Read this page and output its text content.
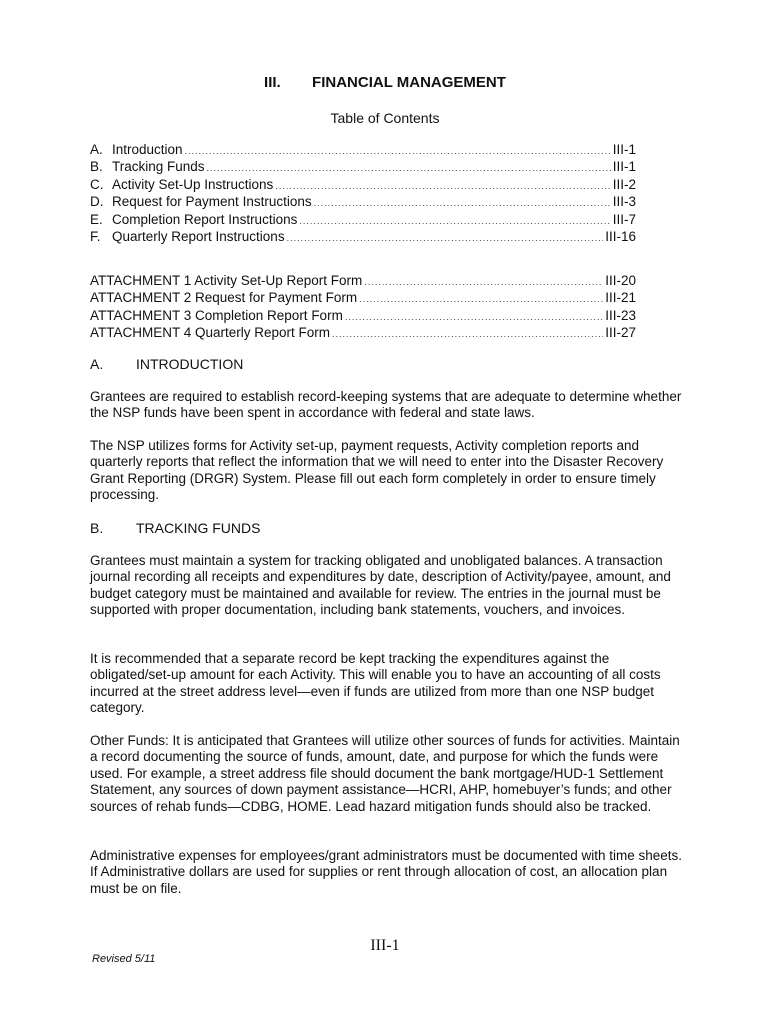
III. FINANCIAL MANAGEMENT
Table of Contents
A. Introduction .....	III-1
B. Tracking Funds .....	III-1
C. Activity Set-Up Instructions .....	III-2
D. Request for Payment Instructions .....	III-3
E. Completion Report Instructions .....	III-7
F. Quarterly Report Instructions .....	III-16
ATTACHMENT 1 Activity Set-Up Report Form .....	III-20
ATTACHMENT 2 Request for Payment Form .....	III-21
ATTACHMENT 3 Completion Report Form .....	III-23
ATTACHMENT 4 Quarterly Report Form .....	III-27
A. INTRODUCTION

Grantees are required to establish record-keeping systems that are adequate to determine whether the NSP funds have been spent in accordance with federal and state laws.

The NSP utilizes forms for Activity set-up, payment requests, Activity completion reports and quarterly reports that reflect the information that we will need to enter into the Disaster Recovery Grant Reporting (DRGR) System. Please fill out each form completely in order to ensure timely processing.

B. TRACKING FUNDS

Grantees must maintain a system for tracking obligated and unobligated balances. A transaction journal recording all receipts and expenditures by date, description of Activity/payee, amount, and budget category must be maintained and available for review. The entries in the journal must be supported with proper documentation, including bank statements, vouchers, and invoices.

It is recommended that a separate record be kept tracking the expenditures against the obligated/set-up amount for each Activity. This will enable you to have an accounting of all costs incurred at the street address level—even if funds are utilized from more than one NSP budget category.

Other Funds: It is anticipated that Grantees will utilize other sources of funds for activities. Maintain a record documenting the source of funds, amount, date, and purpose for which the funds were used. For example, a street address file should document the bank mortgage/HUD-1 Settlement Statement, any sources of down payment assistance—HCRI, AHP, homebuyer’s funds; and other sources of rehab funds—CDBG, HOME. Lead hazard mitigation funds should also be tracked.

Administrative expenses for employees/grant administrators must be documented with time sheets. If Administrative dollars are used for supplies or rent through allocation of cost, an allocation plan must be on file.

III-1
Revised 5/11
